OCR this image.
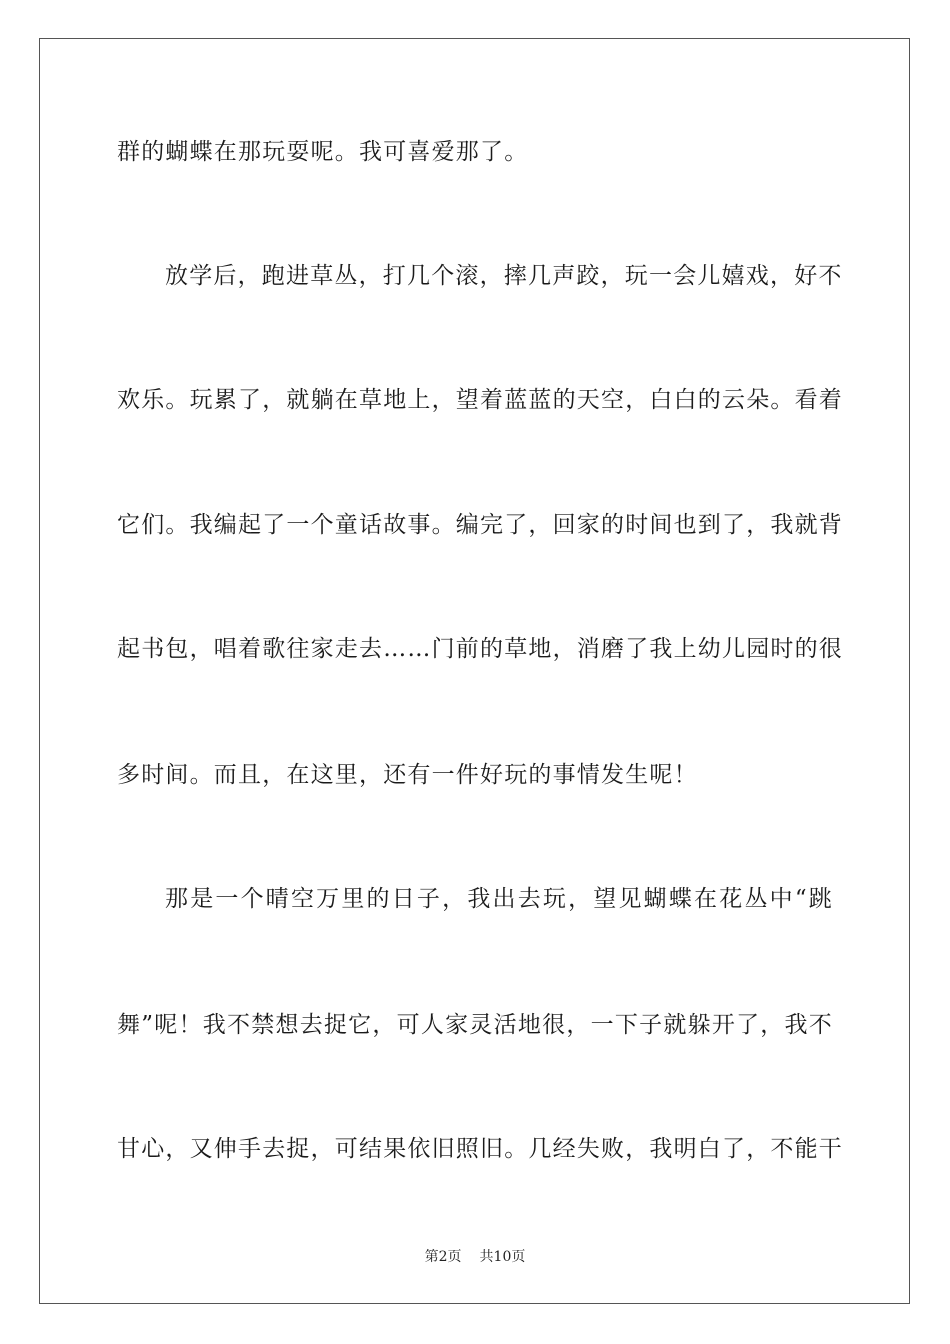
群的蝴蝶在那玩耍呢。我可喜爱那了。
放学后，跑进草丛，打几个滚，摔几声跤，玩一会儿嬉戏，好不
欢乐。玩累了，就躺在草地上，望着蓝蓝的天空，白白的云朵。看着
它们。我编起了一个童话故事。编完了，回家的时间也到了，我就背
起书包，唱着歌往家走去……门前的草地，消磨了我上幼儿园时的很
多时间。而且，在这里，还有一件好玩的事情发生呢！
那是一个晴空万里的日子，我出去玩，望见蝴蝶在花丛中“跳
舞”呢！我不禁想去捉它，可人家灵活地很，一下子就躲开了，我不
甘心，又伸手去捉，可结果依旧照旧。几经失败，我明白了，不能干
第2页 共10页
